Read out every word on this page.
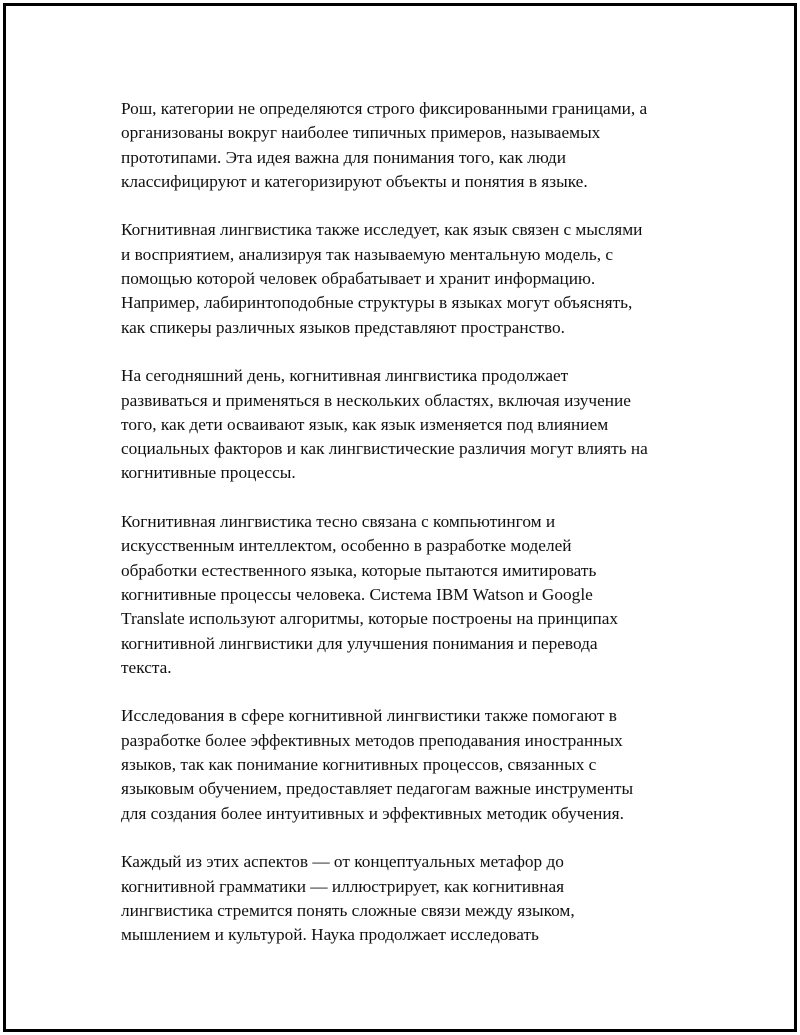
Рош, категории не определяются строго фиксированными границами, а
организованы вокруг наиболее типичных примеров, называемых
прототипами. Эта идея важна для понимания того, как люди
классифицируют и категоризируют объекты и понятия в языке.

Когнитивная лингвистика также исследует, как язык связен с мыслями
и восприятием, анализируя так называемую ментальную модель, с
помощью которой человек обрабатывает и хранит информацию.
Например, лабиринтоподобные структуры в языках могут объяснять,
как спикеры различных языков представляют пространство.

На сегодняшний день, когнитивная лингвистика продолжает
развиваться и применяться в нескольких областях, включая изучение
того, как дети осваивают язык, как язык изменяется под влиянием
социальных факторов и как лингвистические различия могут влиять на
когнитивные процессы.

Когнитивная лингвистика тесно связана с компьютингом и
искусственным интеллектом, особенно в разработке моделей
обработки естественного языка, которые пытаются имитировать
когнитивные процессы человека. Система IBM Watson и Google
Translate используют алгоритмы, которые построены на принципах
когнитивной лингвистики для улучшения понимания и перевода
текста.

Исследования в сфере когнитивной лингвистики также помогают в
разработке более эффективных методов преподавания иностранных
языков, так как понимание когнитивных процессов, связанных с
языковым обучением, предоставляет педагогам важные инструменты
для создания более интуитивных и эффективных методик обучения.

Каждый из этих аспектов — от концептуальных метафор до
когнитивной грамматики — иллюстрирует, как когнитивная
лингвистика стремится понять сложные связи между языком,
мышлением и культурой. Наука продолжает исследовать
